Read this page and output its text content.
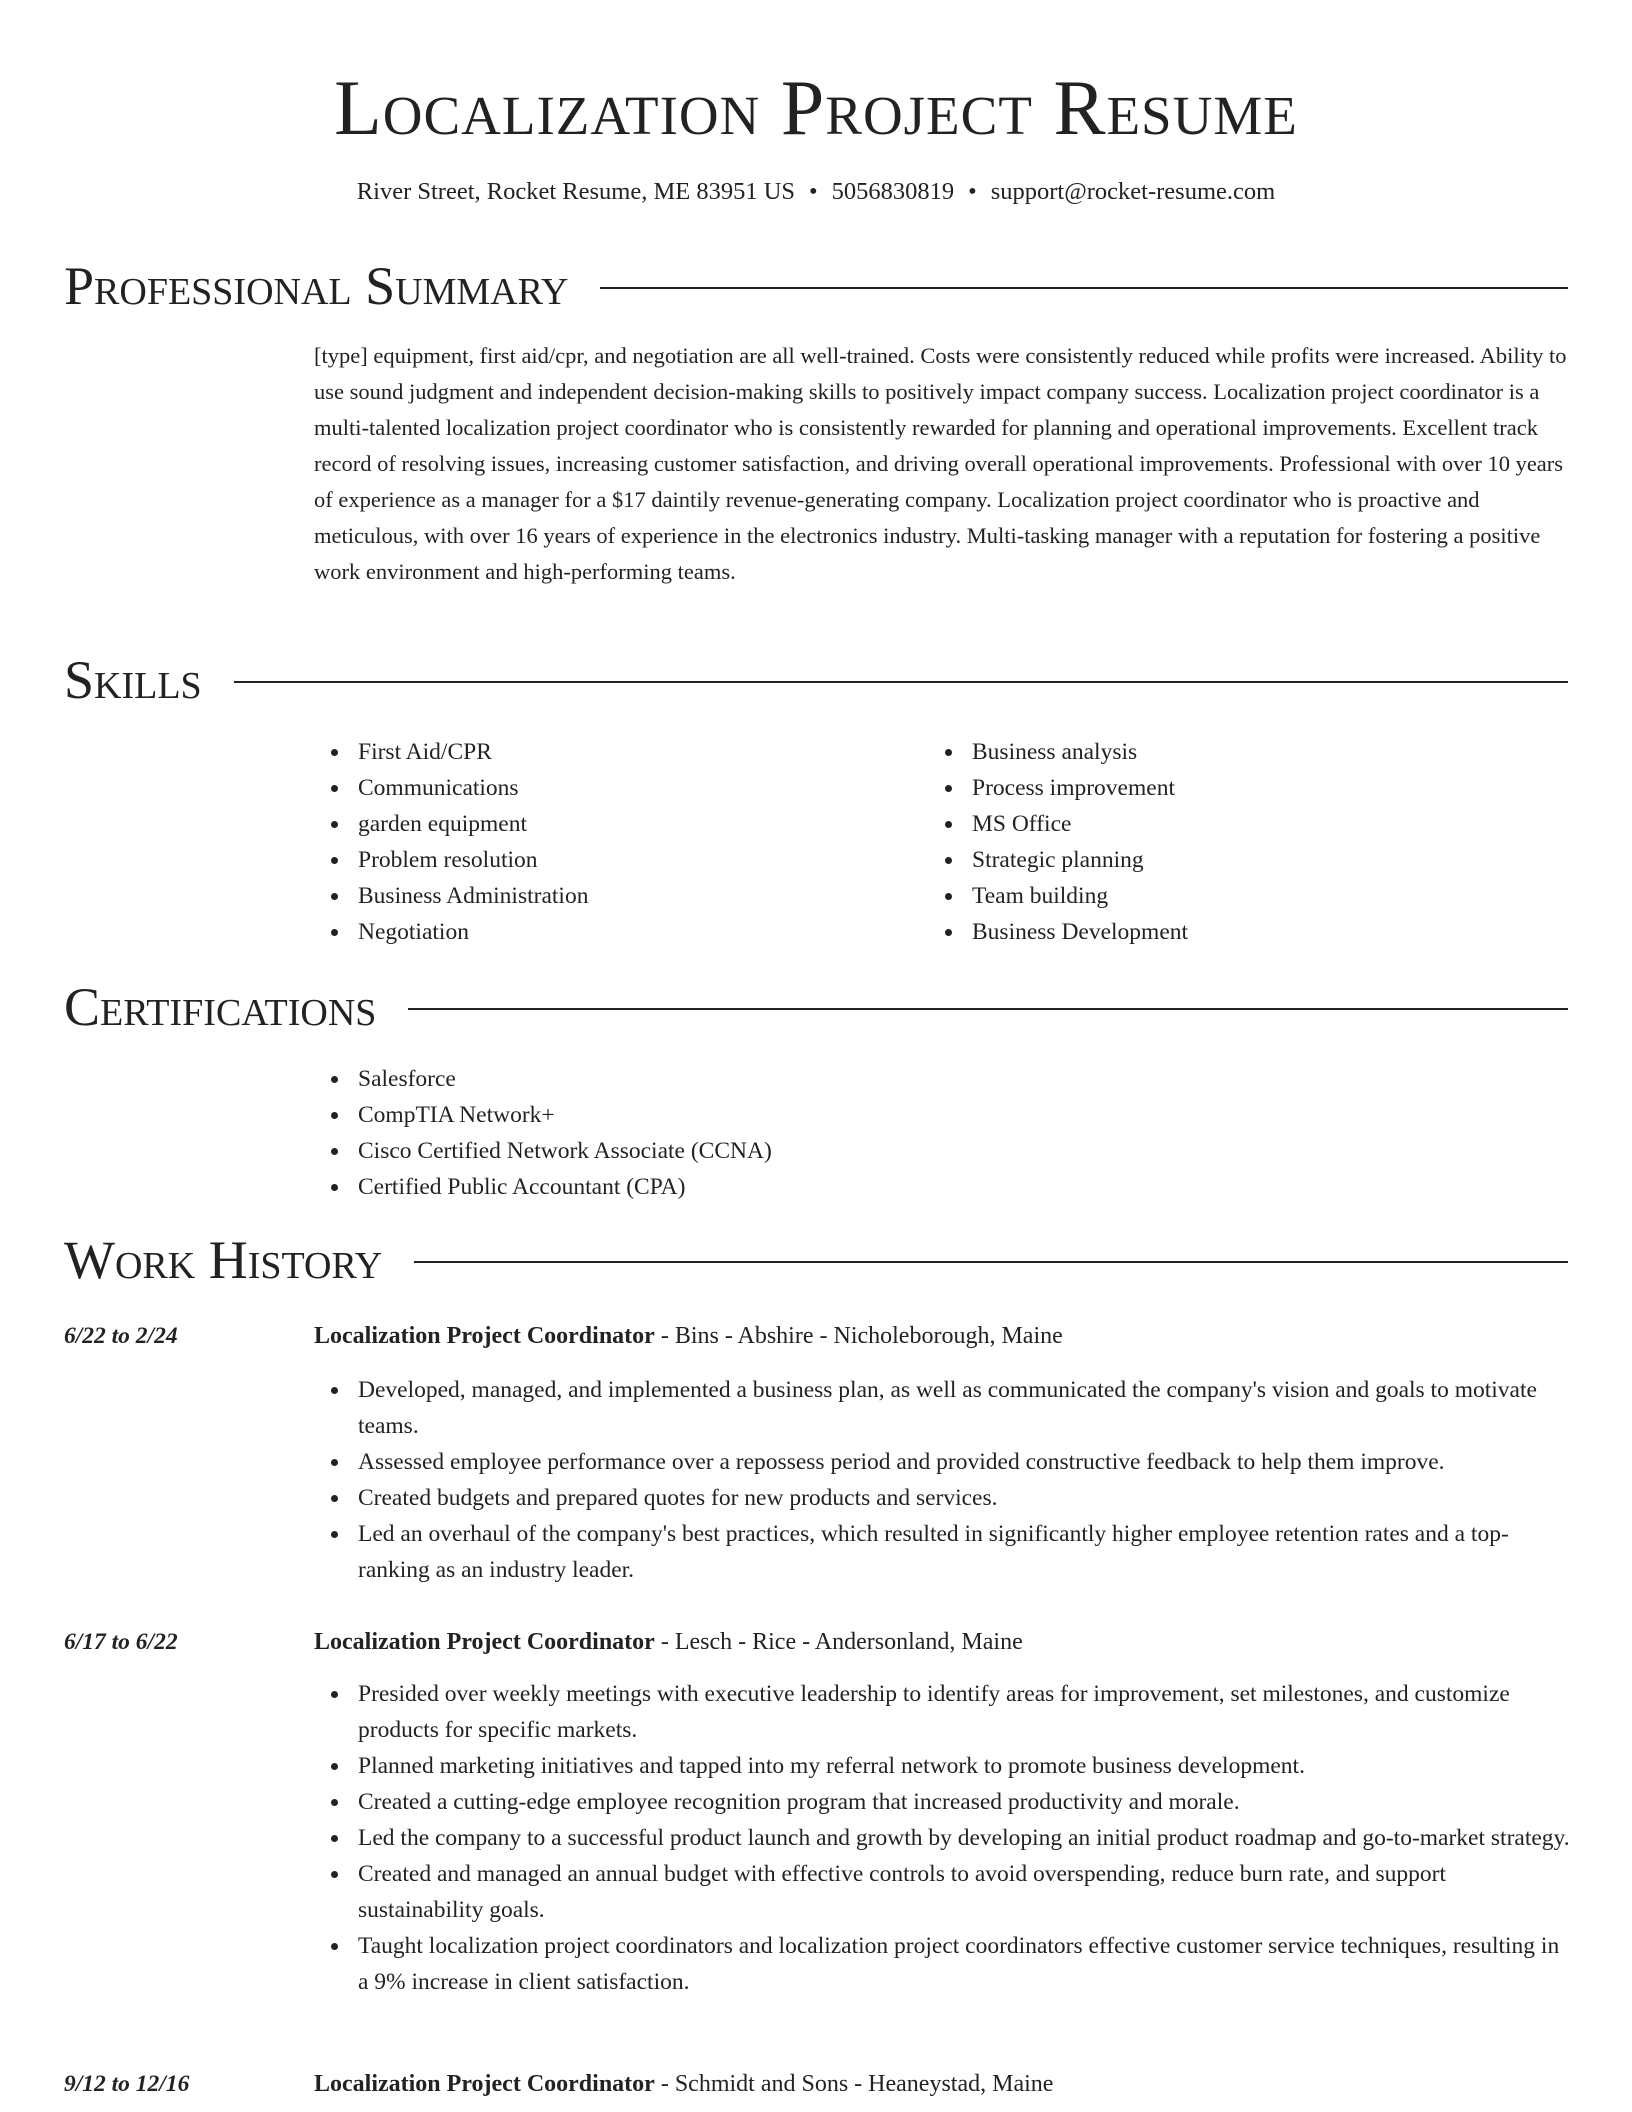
Localization Project Resume
River Street, Rocket Resume, ME 83951 US • 5056830819 • support@rocket-resume.com
Professional Summary

[type] equipment, first aid/cpr, and negotiation are all well-trained. Costs were consistently reduced while profits were increased. Ability to use sound judgment and independent decision-making skills to positively impact company success. Localization project coordinator is a multi-talented localization project coordinator who is consistently rewarded for planning and operational improvements. Excellent track record of resolving issues, increasing customer satisfaction, and driving overall operational improvements. Professional with over 10 years of experience as a manager for a $17 daintily revenue-generating company. Localization project coordinator who is proactive and meticulous, with over 16 years of experience in the electronics industry. Multi-tasking manager with a reputation for fostering a positive work environment and high-performing teams.

Skills
First Aid/CPR
Communications
garden equipment
Problem resolution
Business Administration
Negotiation
Business analysis
Process improvement
MS Office
Strategic planning
Team building
Business Development
Certifications
Salesforce
CompTIA Network+
Cisco Certified Network Associate (CCNA)
Certified Public Accountant (CPA)
Work History
6/22 to 2/24	Localization Project Coordinator - Bins - Abshire - Nicholeborough, Maine
Developed, managed, and implemented a business plan, as well as communicated the company's vision and goals to motivate teams.
Assessed employee performance over a repossess period and provided constructive feedback to help them improve.
Created budgets and prepared quotes for new products and services.
Led an overhaul of the company's best practices, which resulted in significantly higher employee retention rates and a top-ranking as an industry leader.
6/17 to 6/22	Localization Project Coordinator - Lesch - Rice - Andersonland, Maine
Presided over weekly meetings with executive leadership to identify areas for improvement, set milestones, and customize products for specific markets.
Planned marketing initiatives and tapped into my referral network to promote business development.
Created a cutting-edge employee recognition program that increased productivity and morale.
Led the company to a successful product launch and growth by developing an initial product roadmap and go-to-market strategy.
Created and managed an annual budget with effective controls to avoid overspending, reduce burn rate, and support sustainability goals.
Taught localization project coordinators and localization project coordinators effective customer service techniques, resulting in a 9% increase in client satisfaction.
9/12 to 12/16	Localization Project Coordinator - Schmidt and Sons - Heaneystad, Maine
